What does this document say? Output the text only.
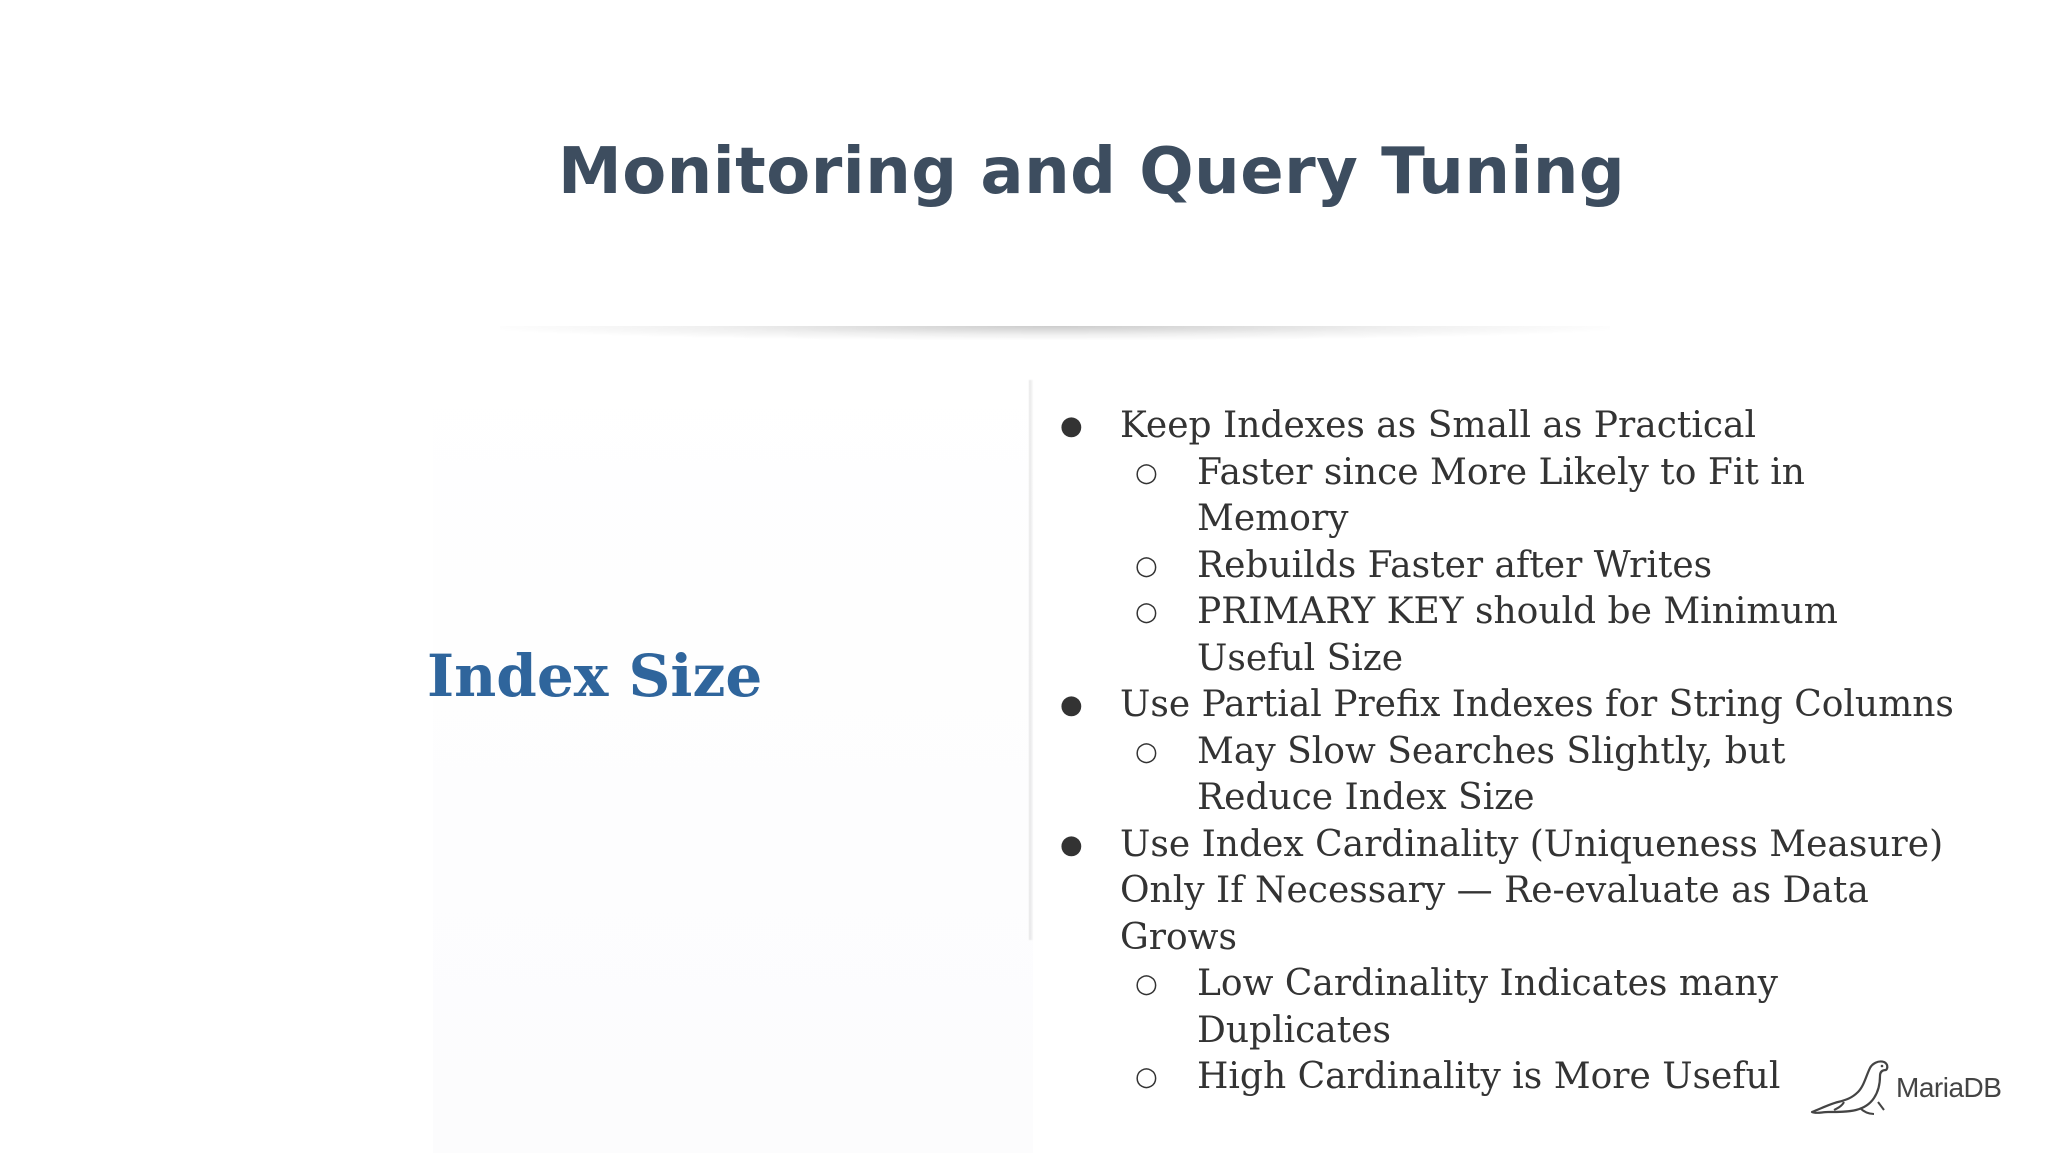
Monitoring and Query Tuning
Index Size
● Keep Indexes as Small as Practical
○ Faster since More Likely to Fit in Memory
○ Rebuilds Faster after Writes
○ PRIMARY KEY should be Minimum Useful Size
● Use Partial Prefix Indexes for String Columns
○ May Slow Searches Slightly, but Reduce Index Size
● Use Index Cardinality (Uniqueness Measure) Only If Necessary — Re-evaluate as Data Grows
○ Low Cardinality Indicates many Duplicates
○ High Cardinality is More Useful	MariaDB
